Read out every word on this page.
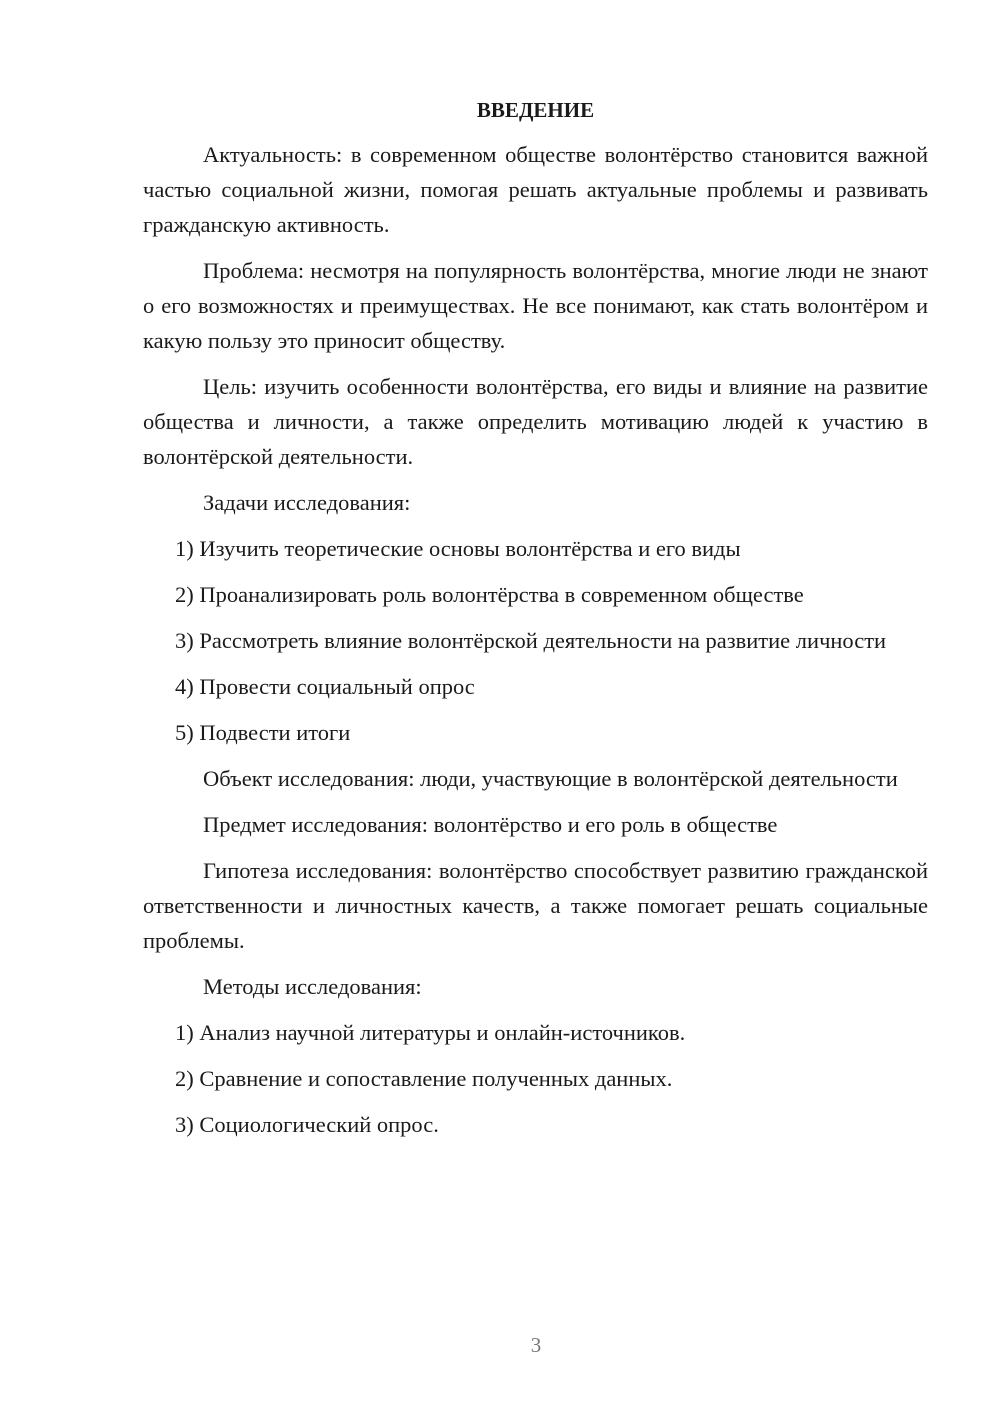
ВВЕДЕНИЕ

Актуальность: в современном обществе волонтёрство становится важной частью социальной жизни, помогая решать актуальные проблемы и развивать гражданскую активность.

Проблема: несмотря на популярность волонтёрства, многие люди не знают о его возможностях и преимуществах. Не все понимают, как стать волонтёром и какую пользу это приносит обществу.

Цель: изучить особенности волонтёрства, его виды и влияние на развитие общества и личности, а также определить мотивацию людей к участию в волонтёрской деятельности.

Задачи исследования:

1) Изучить теоретические основы волонтёрства и его виды

2) Проанализировать роль волонтёрства в современном обществе

3) Рассмотреть влияние волонтёрской деятельности на развитие личности

4) Провести социальный опрос

5) Подвести итоги

Объект исследования: люди, участвующие в волонтёрской деятельности

Предмет исследования: волонтёрство и его роль в обществе

Гипотеза исследования: волонтёрство способствует развитию гражданской ответственности и личностных качеств, а также помогает решать социальные проблемы.

Методы исследования:

1) Анализ научной литературы и онлайн-источников.

2) Сравнение и сопоставление полученных данных.

3) Социологический опрос.

3
